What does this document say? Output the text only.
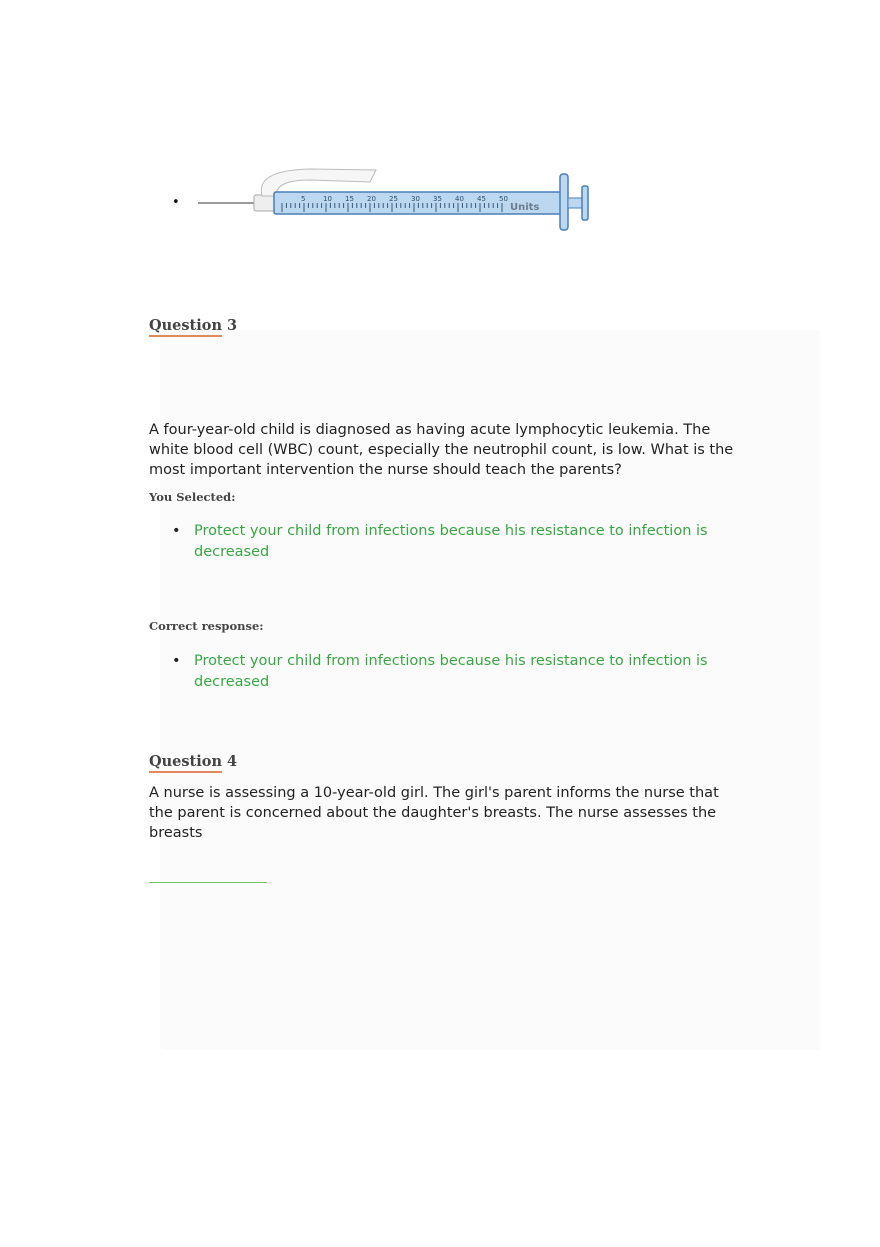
•	5	10 15 20 25 30 35 40 45 50
Units
Question 3
A four-year-old child is diagnosed as having acute lymphocytic leukemia. The white blood cell (WBC) count, especially the neutrophil count, is low. What is the most important intervention the nurse should teach the parents?
You Selected:
• Protect your child from infections because his resistance to infection is decreased
Correct response:
• Protect your child from infections because his resistance to infection is decreased
Question 4
A nurse is assessing a 10-year-old girl. The girl's parent informs the nurse that the parent is concerned about the daughter's breasts. The nurse assesses the breasts
